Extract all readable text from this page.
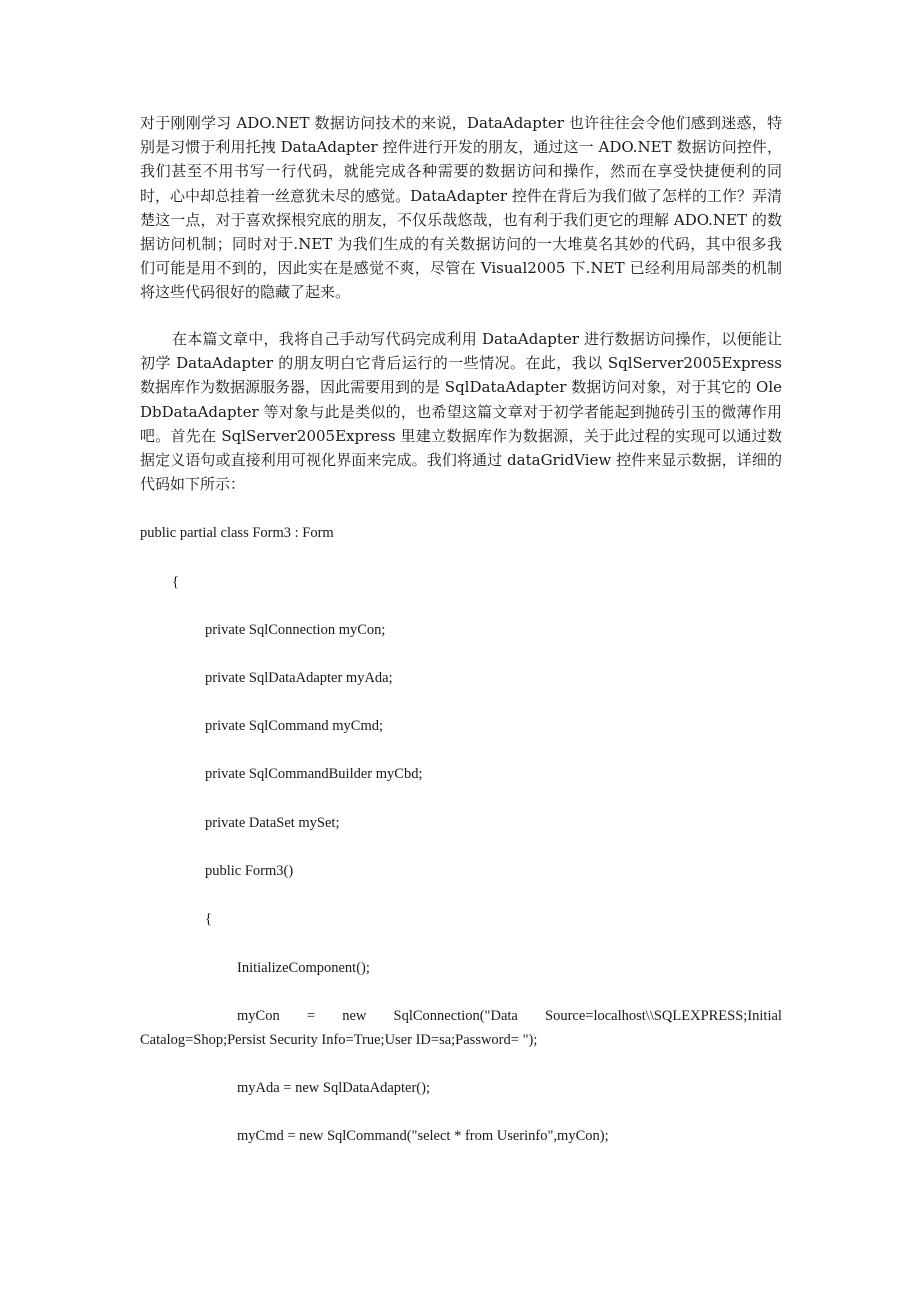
对于刚刚学习 ADO.NET 数据访问技术的来说，DataAdapter 也许往往会令他们感到迷惑，特别是习惯于利用托拽 DataAdapter 控件进行开发的朋友，通过这一 ADO.NET 数据访问控件，我们甚至不用书写一行代码，就能完成各种需要的数据访问和操作，然而在享受快捷便利的同时，心中却总挂着一丝意犹未尽的感觉。DataAdapter 控件在背后为我们做了怎样的工作？弄清楚这一点，对于喜欢探根究底的朋友，不仅乐哉悠哉，也有利于我们更它的理解 ADO.NET 的数据访问机制；同时对于.NET 为我们生成的有关数据访问的一大堆莫名其妙的代码，其中很多我们可能是用不到的，因此实在是感觉不爽，尽管在 Visual2005 下.NET 已经利用局部类的机制将这些代码很好的隐藏了起来。

在本篇文章中，我将自己手动写代码完成利用 DataAdapter 进行数据访问操作，以便能让初学 DataAdapter 的朋友明白它背后运行的一些情况。在此，我以 SqlServer2005Express 数据库作为数据源服务器，因此需要用到的是 SqlDataAdapter 数据访问对象，对于其它的 OleDbDataAdapter 等对象与此是类似的，也希望这篇文章对于初学者能起到抛砖引玉的微薄作用吧。首先在 SqlServer2005Express 里建立数据库作为数据源，关于此过程的实现可以通过数据定义语句或直接利用可视化界面来完成。我们将通过 dataGridView 控件来显示数据，详细的代码如下所示：

public partial class Form3 : Form
{
private SqlConnection myCon;
private SqlDataAdapter myAda;
private SqlCommand myCmd;
private SqlCommandBuilder myCbd;
private DataSet mySet;
public Form3()
{
InitializeComponent();
myCon = new SqlConnection("Data Source=localhost\\SQLEXPRESS;Initial
Catalog=Shop;Persist Security Info=True;User ID=sa;Password= ");
myAda = new SqlDataAdapter();
myCmd = new SqlCommand("select * from Userinfo",myCon);
